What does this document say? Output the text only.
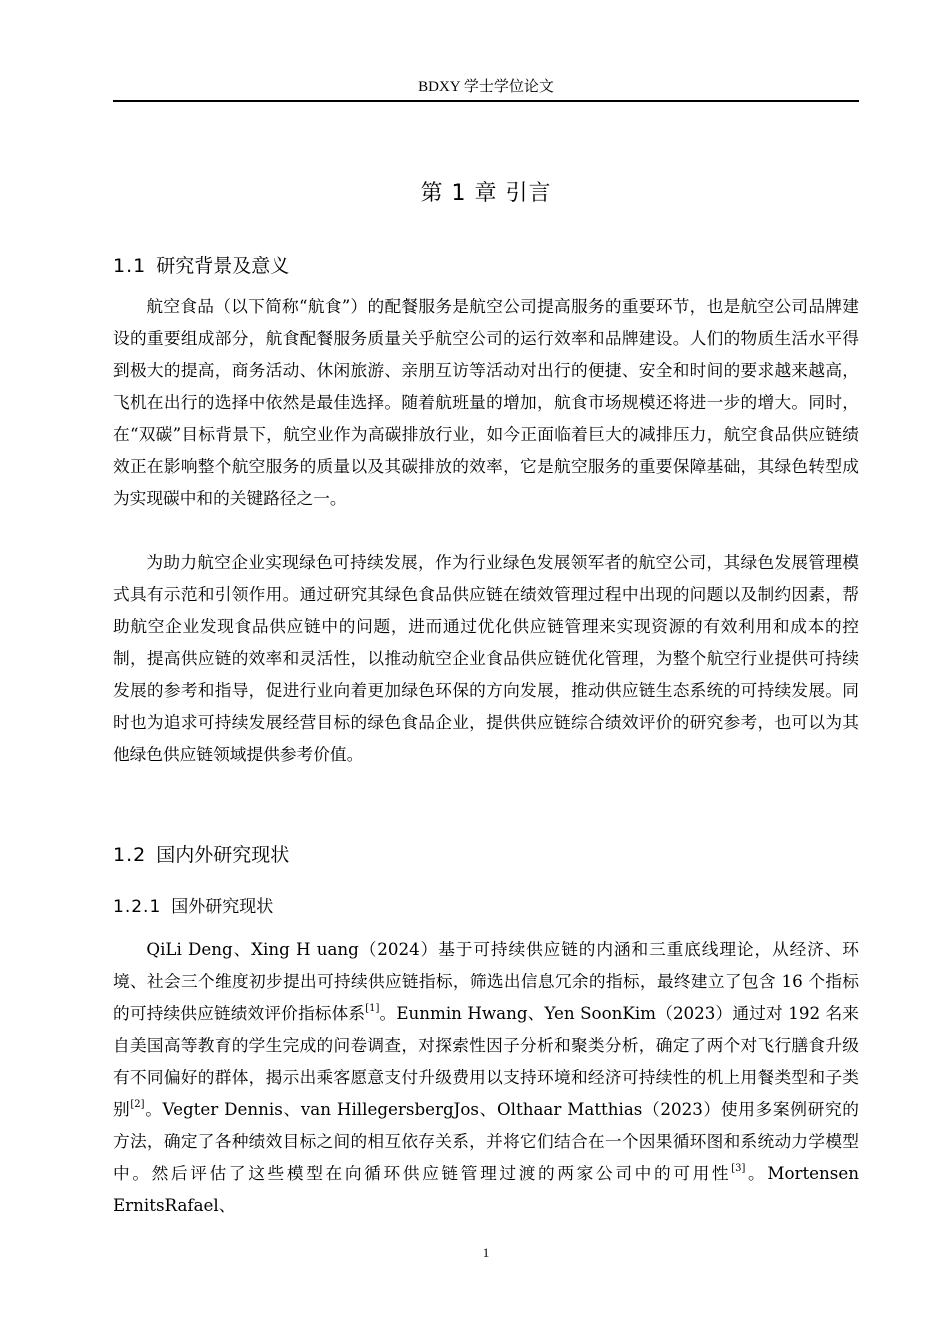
BDXY 学士学位论文
第 1 章 引言
1.1 研究背景及意义

航空食品（以下简称“航食”）的配餐服务是航空公司提高服务的重要环节，也是航空公司品牌建设的重要组成部分，航食配餐服务质量关乎航空公司的运行效率和品牌建设。人们的物质生活水平得到极大的提高，商务活动、休闲旅游、亲朋互访等活动对出行的便捷、安全和时间的要求越来越高，飞机在出行的选择中依然是最佳选择。随着航班量的增加，航食市场规模还将进一步的增大。同时，在“双碳”目标背景下，航空业作为高碳排放行业，如今正面临着巨大的减排压力，航空食品供应链绩效正在影响整个航空服务的质量以及其碳排放的效率，它是航空服务的重要保障基础，其绿色转型成为实现碳中和的关键路径之一。

为助力航空企业实现绿色可持续发展，作为行业绿色发展领军者的航空公司，其绿色发展管理模式具有示范和引领作用。通过研究其绿色食品供应链在绩效管理过程中出现的问题以及制约因素，帮助航空企业发现食品供应链中的问题，进而通过优化供应链管理来实现资源的有效利用和成本的控制，提高供应链的效率和灵活性，以推动航空企业食品供应链优化管理，为整个航空行业提供可持续发展的参考和指导，促进行业向着更加绿色环保的方向发展，推动供应链生态系统的可持续发展。同时也为追求可持续发展经营目标的绿色食品企业，提供供应链综合绩效评价的研究参考，也可以为其他绿色供应链领域提供参考价值。

1.2 国内外研究现状
1.2.1 国外研究现状

QiLi Deng、Xing H uang（2024）基于可持续供应链的内涵和三重底线理论，从经济、环境、社会三个维度初步提出可持续供应链指标，筛选出信息冗余的指标，最终建立了包含 16 个指标的可持续供应链绩效评价指标体系[1]。Eunmin Hwang、Yen SoonKim（2023）通过对 192 名来自美国高等教育的学生完成的问卷调查，对探索性因子分析和聚类分析，确定了两个对飞行膳食升级有不同偏好的群体，揭示出乘客愿意支付升级费用以支持环境和经济可持续性的机上用餐类型和子类别[2]。Vegter Dennis、van HillegersbergJos、Olthaar Matthias（2023）使用多案例研究的方法，确定了各种绩效目标之间的相互依存关系，并将它们结合在一个因果循环图和系统动力学模型中。然后评估了这些模型在向循环供应链管理过渡的两家公司中的可用性[3]。Mortensen ErnitsRafael、

1
